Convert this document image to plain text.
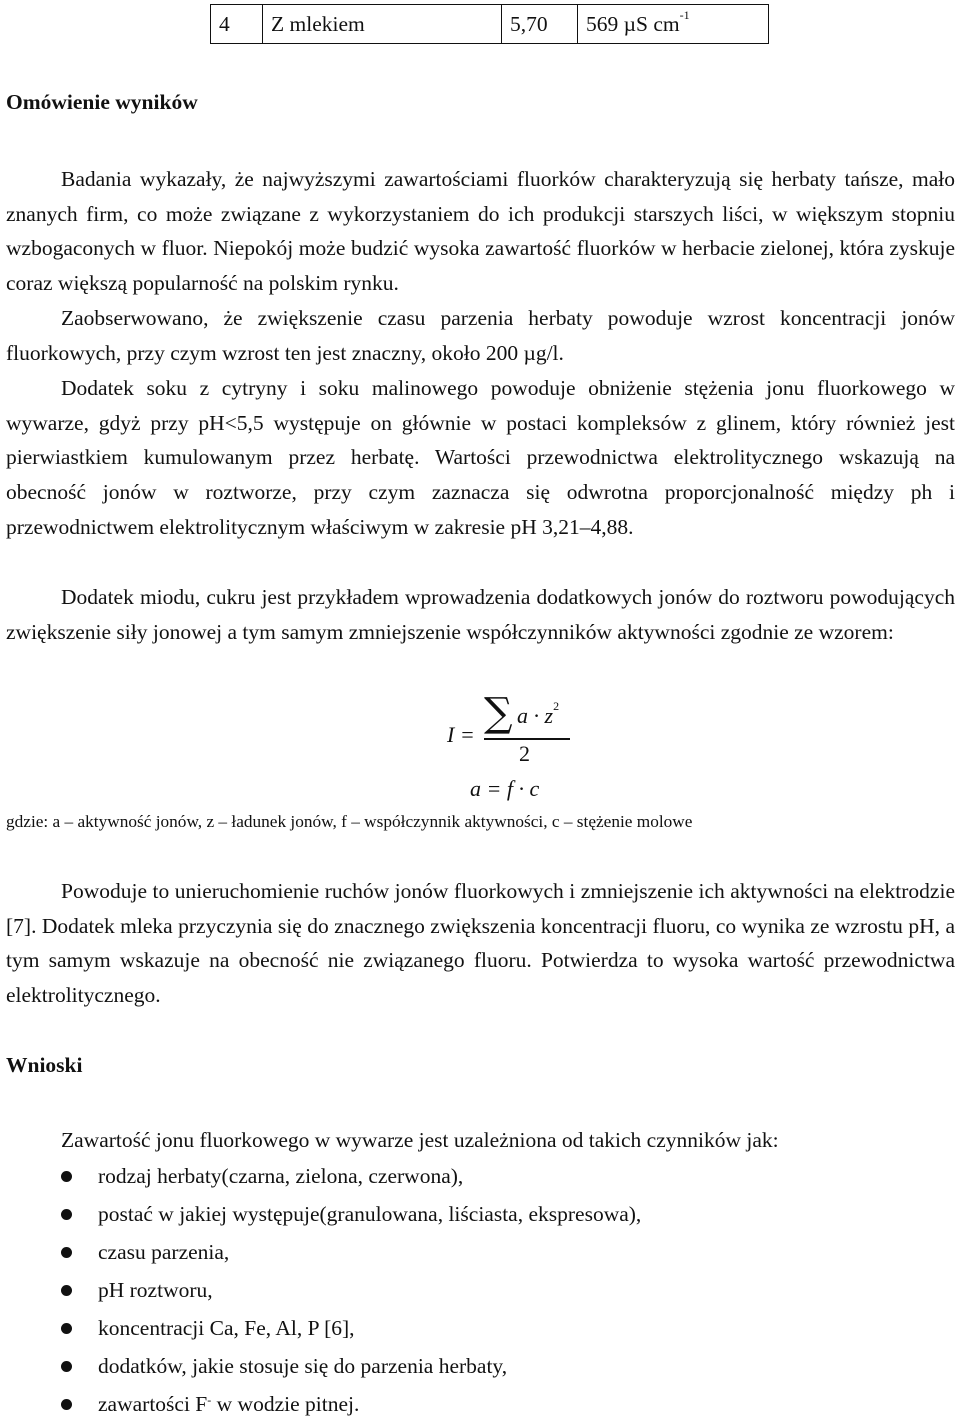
4	Z mlekiem	5,70	569 µS $cm^{-1}$
Omówienie wyników

Badania wykazały, że najwyższymi zawartościami fluorków charakteryzują się herbaty tańsze, mało znanych firm, co może związane z wykorzystaniem do ich produkcji starszych liści, w większym stopniu wzbogaconych w fluor. Niepokój może budzić wysoka zawartość fluorków w herbacie zielonej, która zyskuje coraz większą popularność na polskim rynku.

Zaobserwowano, że zwiększenie czasu parzenia herbaty powoduje wzrost koncentracji jonów fluorkowych, przy czym wzrost ten jest znaczny, około 200 µg/l.

Dodatek soku z cytryny i soku malinowego powoduje obniżenie stężenia jonu fluorkowego w wywarze, gdyż przy pH<5,5 występuje on głównie w postaci kompleksów z glinem, który również jest pierwiastkiem kumulowanym przez herbatę. Wartości przewodnictwa elektrolitycznego wskazują na obecność jonów w roztworze, przy czym zaznacza się odwrotna proporcjonalność między ph i przewodnictwem elektrolitycznym właściwym w zakresie pH 3,21–4,88.

Dodatek miodu, cukru jest przykładem wprowadzenia dodatkowych jonów do roztworu powodujących zwiększenie siły jonowej a tym samym zmniejszenie współczynników aktywności zgodnie ze wzorem:

I = ∑ $a \cdot z^2$
2
a = f · c

gdzie: a – aktywność jonów, z – ładunek jonów, f – współczynnik aktywności, c – stężenie molowe

Powoduje to unieruchomienie ruchów jonów fluorkowych i zmniejszenie ich aktywności na elektrodzie [7]. Dodatek mleka przyczynia się do znacznego zwiększenia koncentracji fluoru, co wynika ze wzrostu pH, a tym samym wskazuje na obecność nie związanego fluoru. Potwierdza to wysoka wartość przewodnictwa elektrolitycznego.

Wnioski

Zawartość jonu fluorkowego w wywarze jest uzależniona od takich czynników jak:

rodzaj herbaty(czarna, zielona, czerwona),
postać w jakiej występuje(granulowana, liściasta, ekspresowa),
czasu parzenia,
pH roztworu,
koncentracji Ca, Fe, Al, P [6],
dodatków, jakie stosuje się do parzenia herbaty,
zawartości F- w wodzie pitnej.
